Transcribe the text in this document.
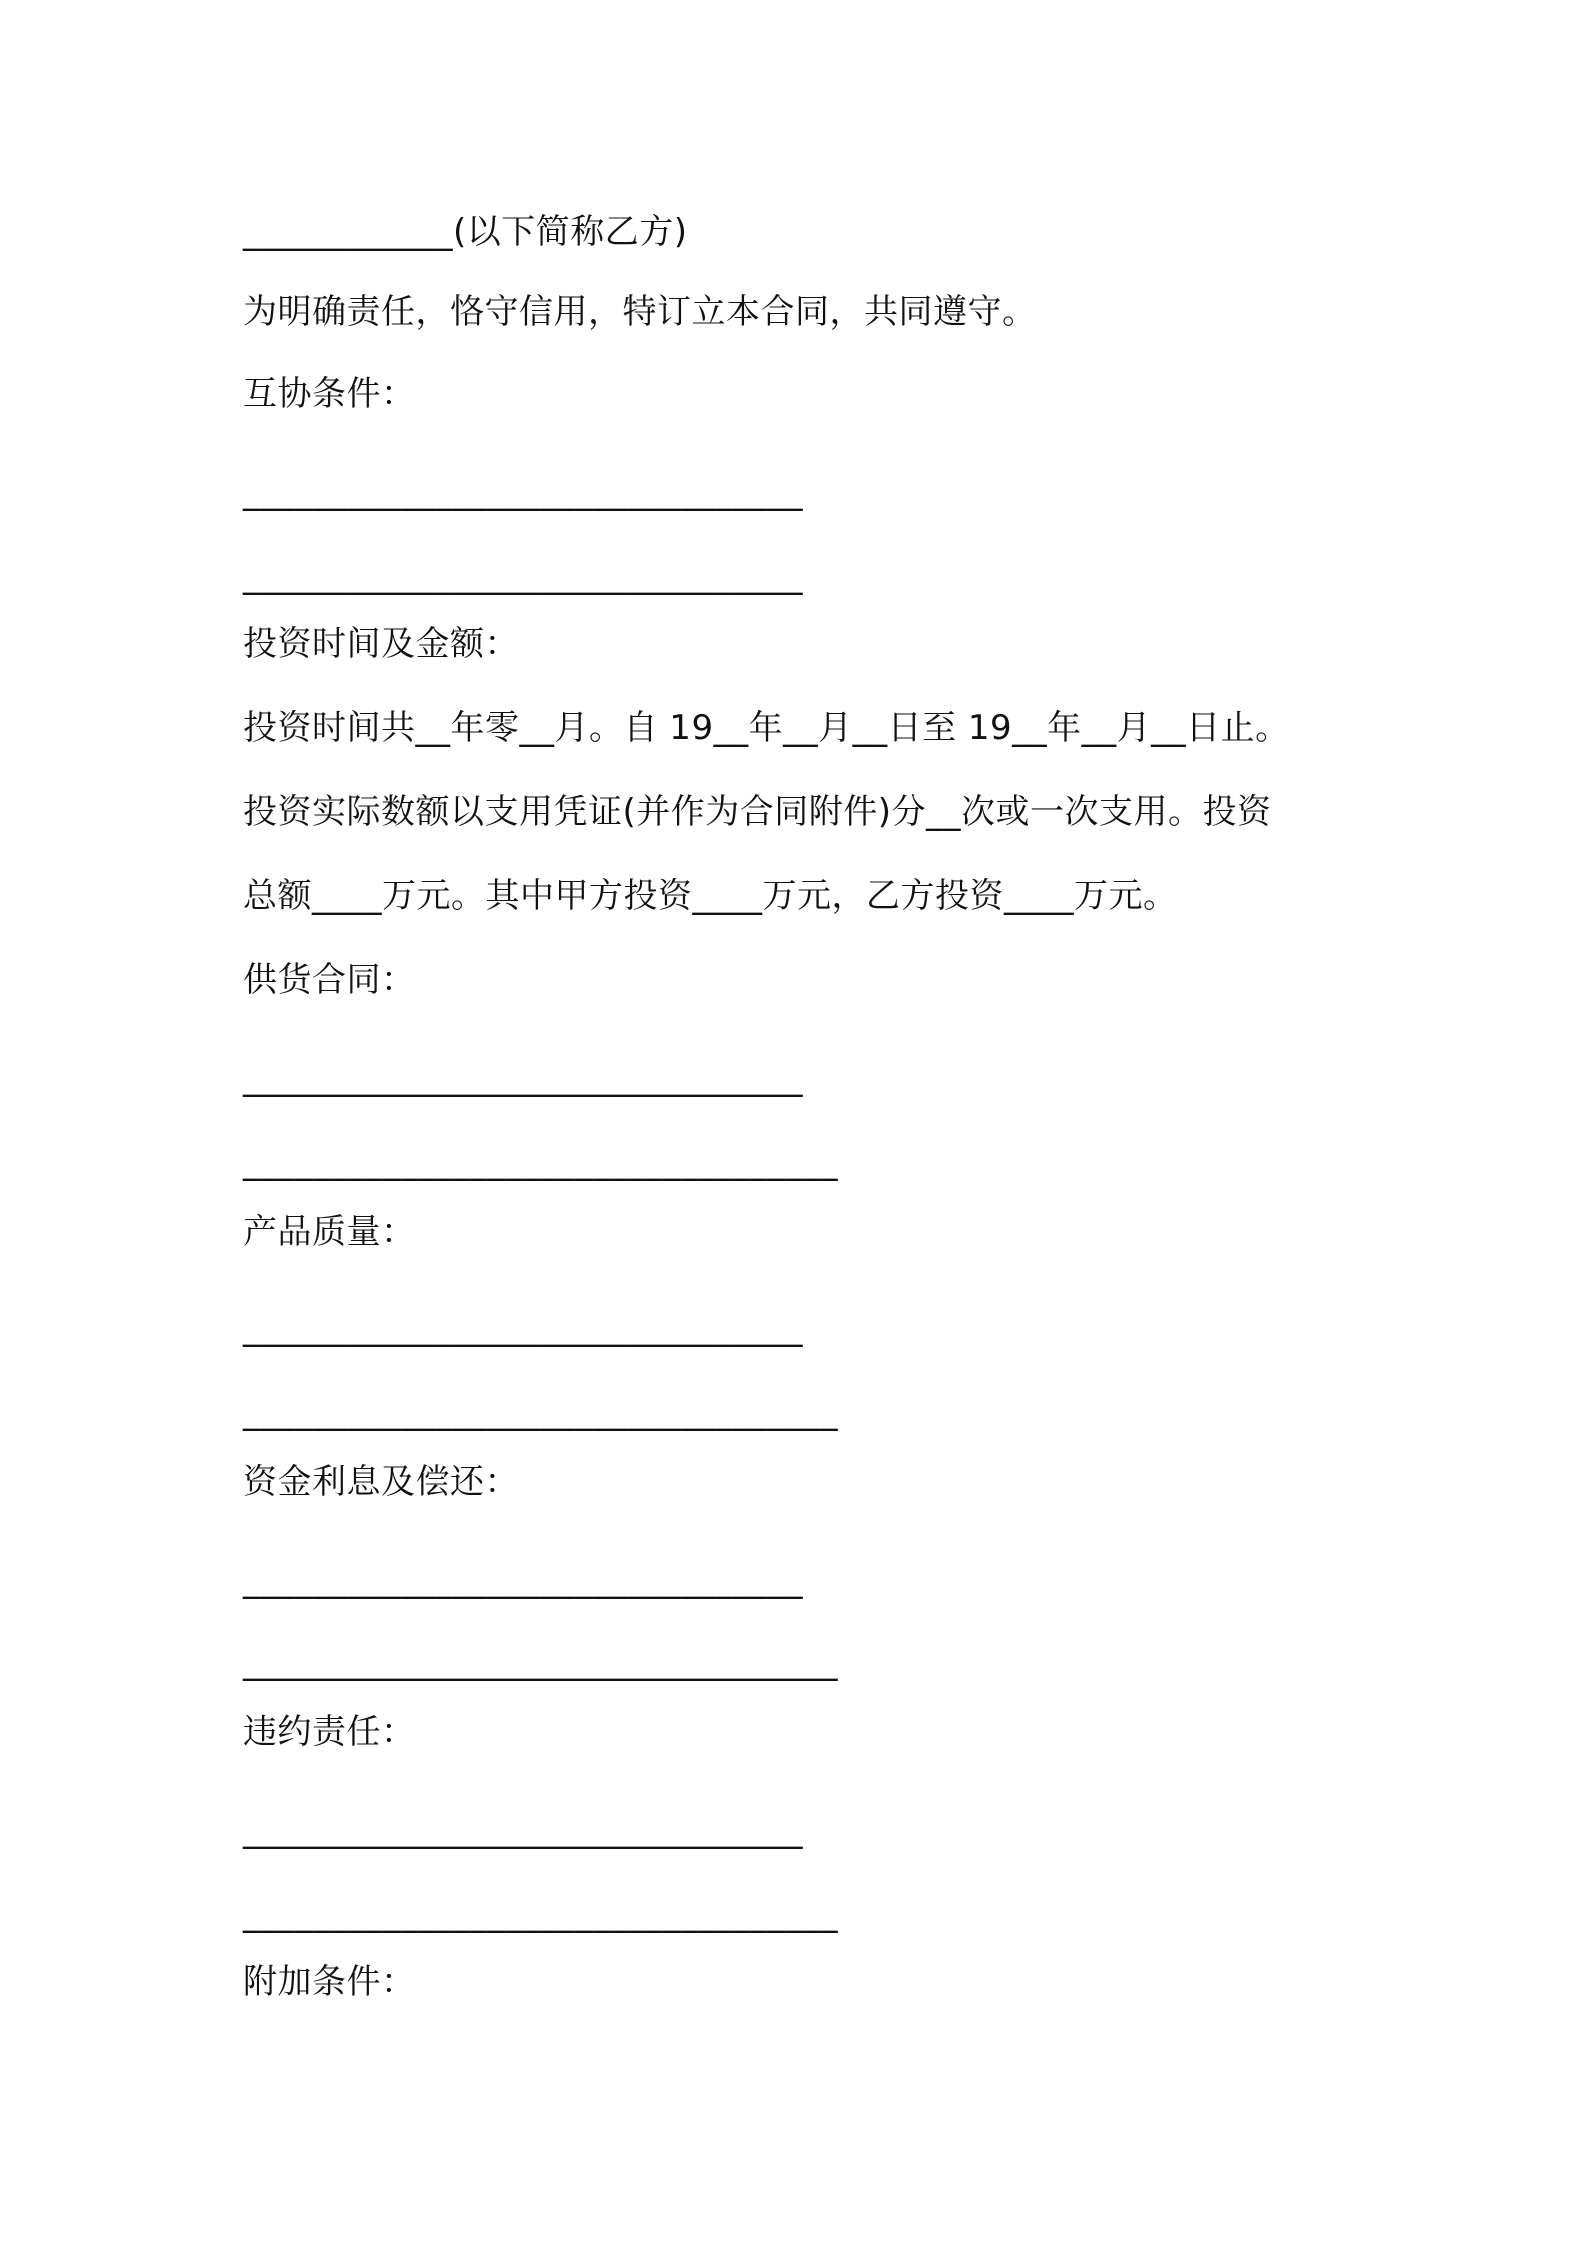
____________(以下简称乙方)
为明确责任，恪守信用，特订立本合同，共同遵守。
互协条件：
________________________________
________________________________
投资时间及金额：
投资时间共__年零__月。自 19__年__月__日至 19__年__月__日止。
投资实际数额以支用凭证(并作为合同附件)分__次或一次支用。投资
总额____万元。其中甲方投资____万元，乙方投资____万元。
供货合同：
________________________________
__________________________________
产品质量：
________________________________
__________________________________
资金利息及偿还：
________________________________
__________________________________
违约责任：
________________________________
__________________________________
附加条件：
